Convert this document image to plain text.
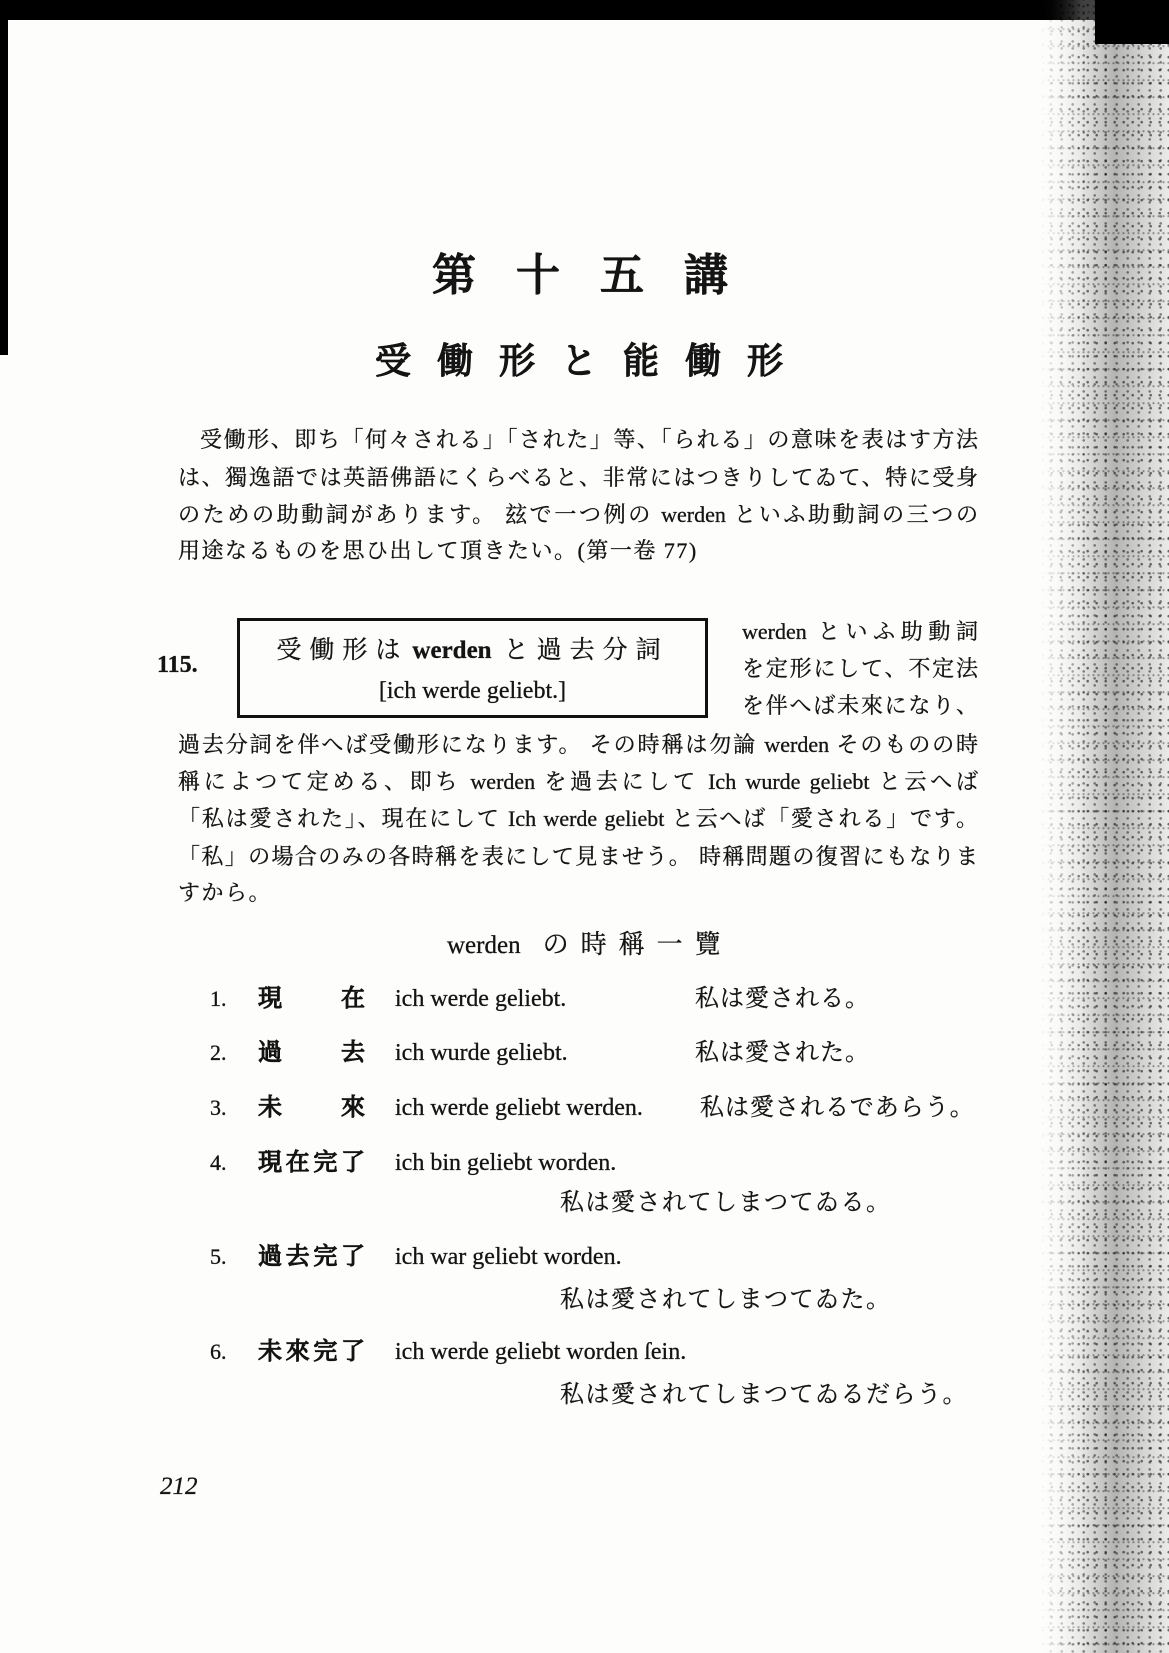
第十五講
受働形と能働形
受働形、即ち「何々される」「された」等、「られる」の意味を表はす方法
は、獨逸語では英語佛語にくらべると、非常にはつきりしてゐて、特に受身
のための助動詞があります。 玆で一つ例の werden といふ助動詞の三つの
用途なるものを思ひ出して頂きたい。(第一卷 77)
115.
受働形は werden と過去分詞
[ich werde geliebt.]
werden といふ助動詞
を定形にして、不定法
を伴へば未來になり、
過去分詞を伴へば受働形になります。 その時稱は勿論 werden そのものの時
稱によつて定める、即ち werden を過去にして Ich wurde geliebt と云へば
「私は愛された」、現在にして Ich werde geliebt と云へば「愛される」です。
「私」の場合のみの各時稱を表にして見ませう。 時稱問題の復習にもなりま
すから。
werden の時稱一覽
1. 現在 ich werde geliebt.	私は愛される。
2. 過去 ich wurde geliebt.	私は愛された。
3. 未來 ich werde geliebt werden. 私は愛されるであらう。
4. 現在完了 ich bin geliebt worden.
私は愛されてしまつてゐる。
5. 過去完了 ich war geliebt worden.
私は愛されてしまつてゐた。
6. 未來完了 ich werde geliebt worden ſein.
私は愛されてしまつてゐるだらう。
212
